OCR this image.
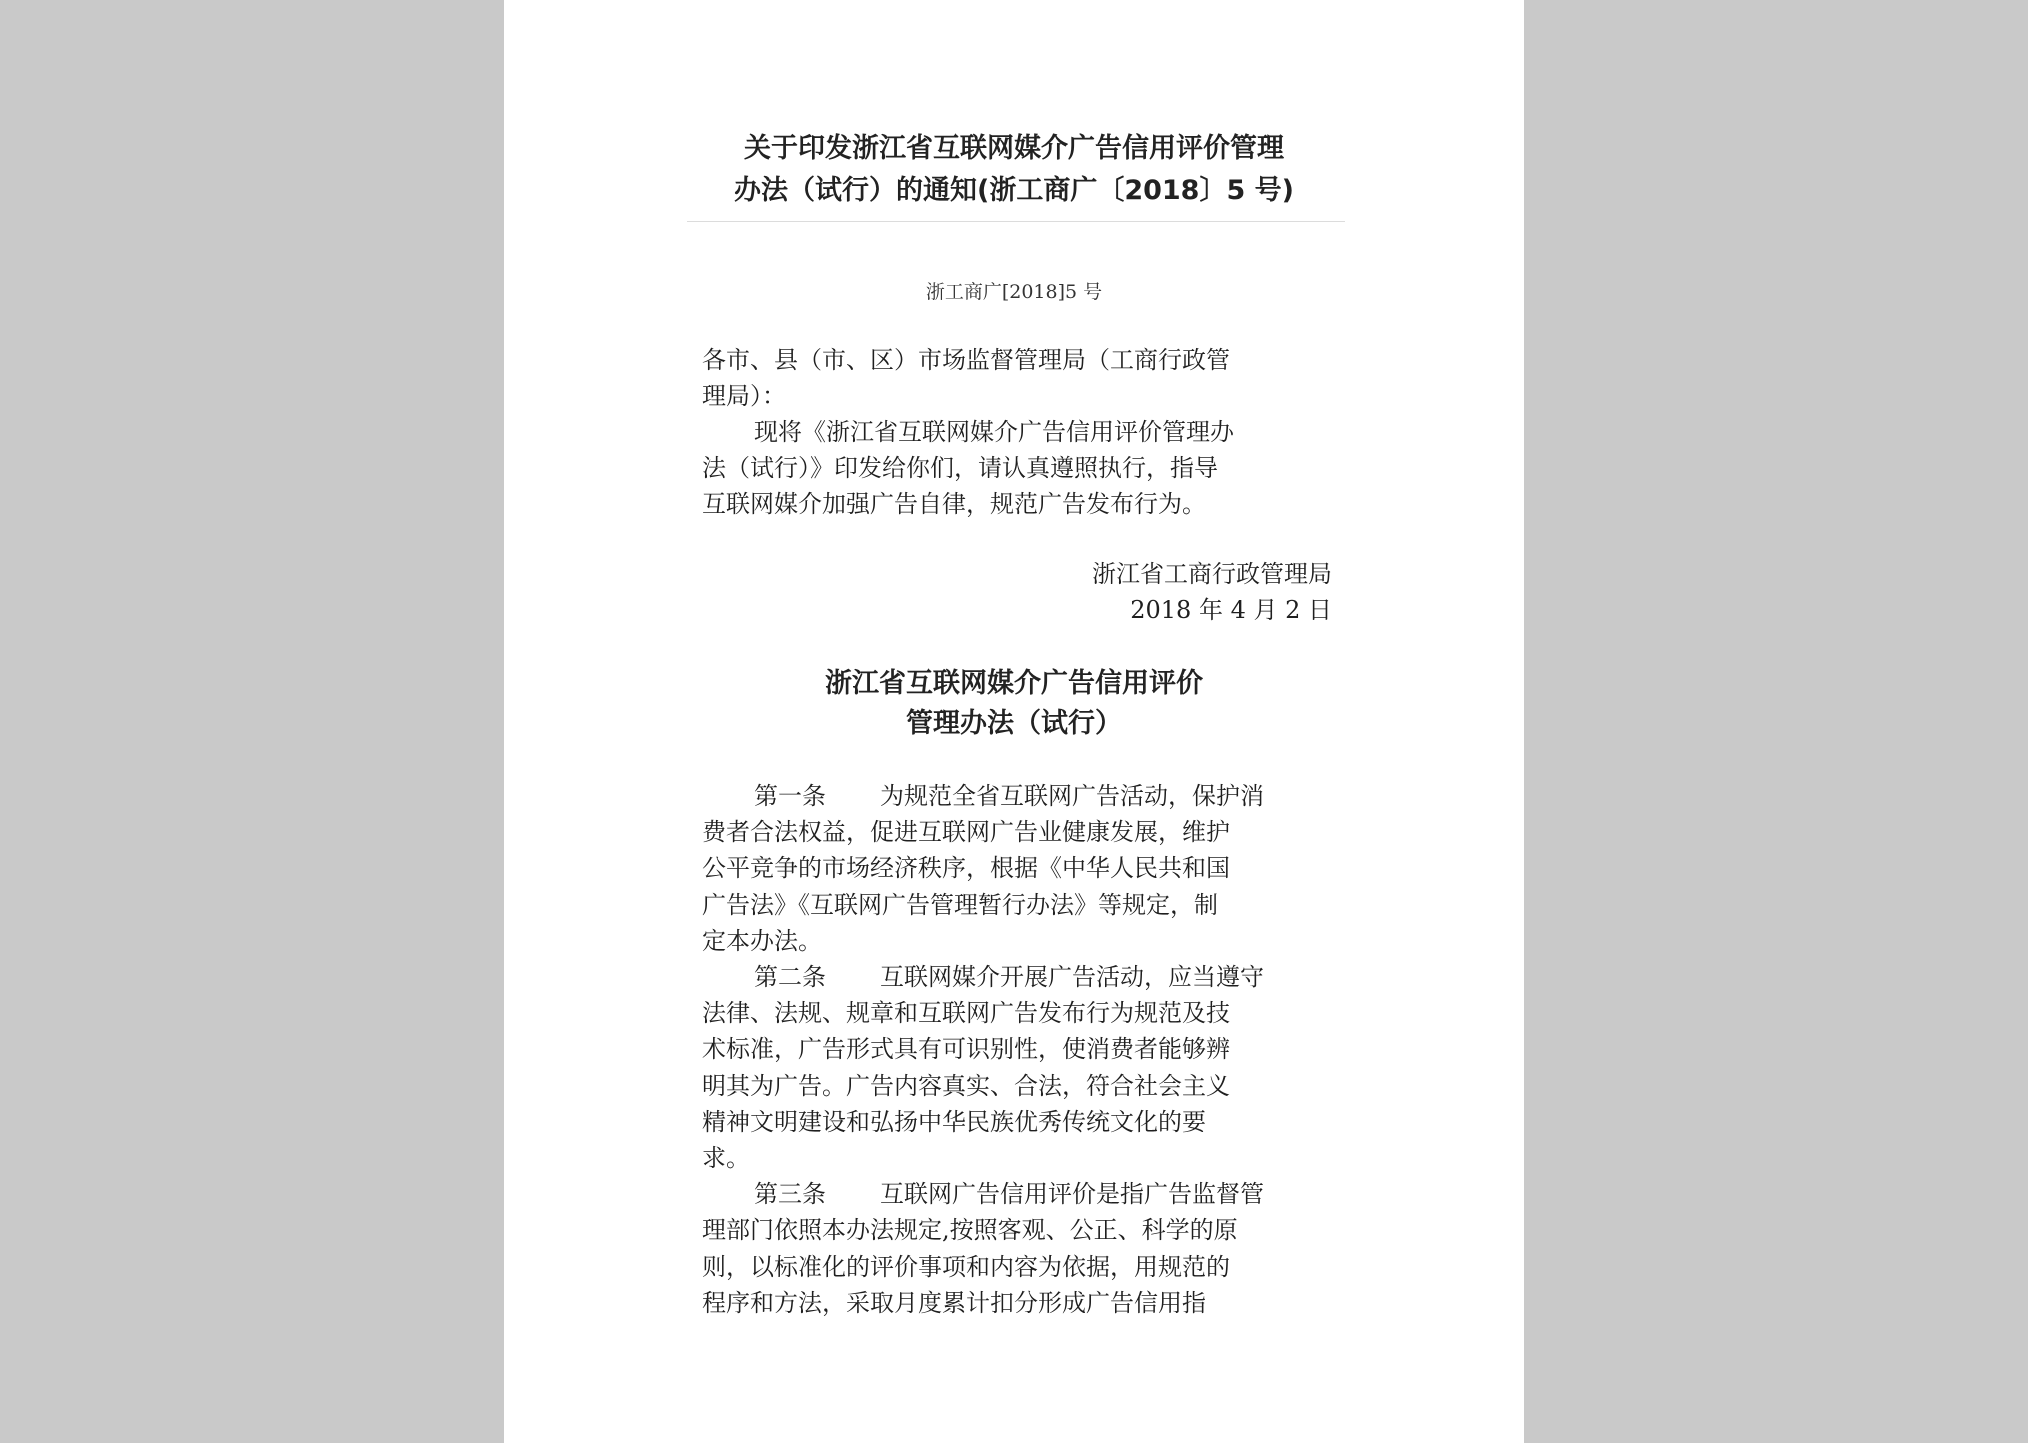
关于印发浙江省互联网媒介广告信用评价管理
办法（试行）的通知(浙工商广〔2018〕5 号)
浙工商广[2018]5 号
各市、县（市、区）市场监督管理局（工商行政管
理局）：
现将《浙江省互联网媒介广告信用评价管理办
法（试行）》印发给你们，请认真遵照执行，指导
互联网媒介加强广告自律，规范广告发布行为。
浙江省工商行政管理局
2018 年 4 月 2 日
浙江省互联网媒介广告信用评价
管理办法（试行）
第一条 为规范全省互联网广告活动，保护消
费者合法权益，促进互联网广告业健康发展，维护
公平竞争的市场经济秩序，根据《中华人民共和国
广告法》《互联网广告管理暂行办法》等规定，制
定本办法。
第二条 互联网媒介开展广告活动，应当遵守
法律、法规、规章和互联网广告发布行为规范及技
术标准，广告形式具有可识别性，使消费者能够辨
明其为广告。广告内容真实、合法，符合社会主义
精神文明建设和弘扬中华民族优秀传统文化的要
求。
第三条 互联网广告信用评价是指广告监督管
理部门依照本办法规定,按照客观、公正、科学的原
则，以标准化的评价事项和内容为依据，用规范的
程序和方法，采取月度累计扣分形成广告信用指
